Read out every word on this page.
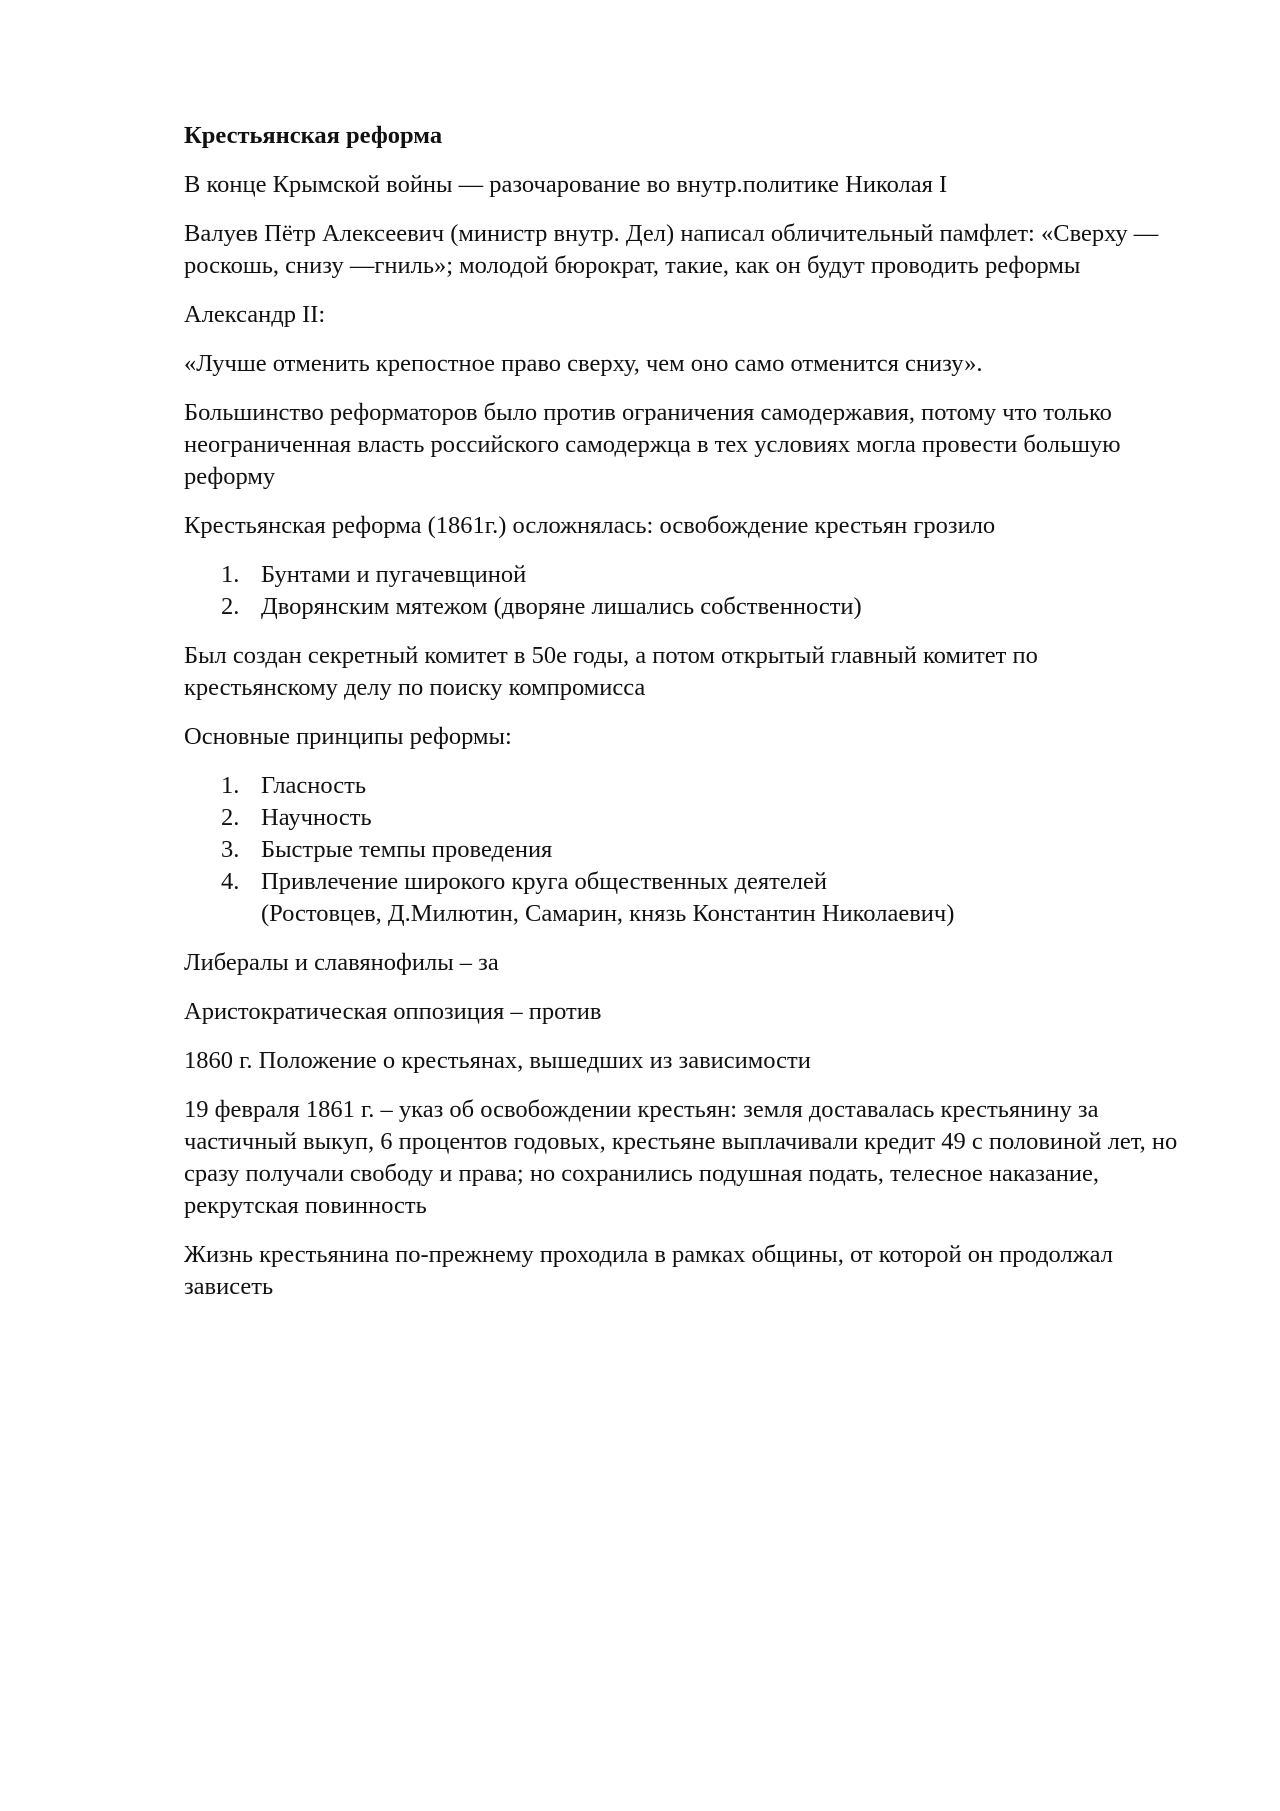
Крестьянская реформа

В конце Крымской войны — разочарование во внутр.политике Николая I

Валуев Пётр Алексеевич (министр внутр. Дел) написал обличительный памфлет: «Сверху — роскошь, снизу —гниль»; молодой бюрократ, такие, как он будут проводить реформы

Александр II:

«Лучше отменить крепостное право сверху, чем оно само отменится снизу».

Большинство реформаторов было против ограничения самодержавия, потому что только неограниченная власть российского самодержца в тех условиях могла провести большую реформу

Крестьянская реформа (1861г.) осложнялась: освобождение крестьян грозило

1. Бунтами и пугачевщиной
2. Дворянским мятежом (дворяне лишались собственности)

Был создан секретный комитет в 50е годы, а потом открытый главный комитет по крестьянскому делу по поиску компромисса

Основные принципы реформы:

1. Гласность
2. Научность
3. Быстрые темпы проведения
4. Привлечение широкого круга общественных деятелей
(Ростовцев, Д.Милютин, Самарин, князь Константин Николаевич)

Либералы и славянофилы – за

Аристократическая оппозиция – против

1860 г. Положение о крестьянах, вышедших из зависимости

19 февраля 1861 г. – указ об освобождении крестьян: земля доставалась крестьянину за частичный выкуп, 6 процентов годовых, крестьяне выплачивали кредит 49 с половиной лет, но сразу получали свободу и права; но сохранились подушная подать, телесное наказание, рекрутская повинность

Жизнь крестьянина по-прежнему проходила в рамках общины, от которой он продолжал зависеть
